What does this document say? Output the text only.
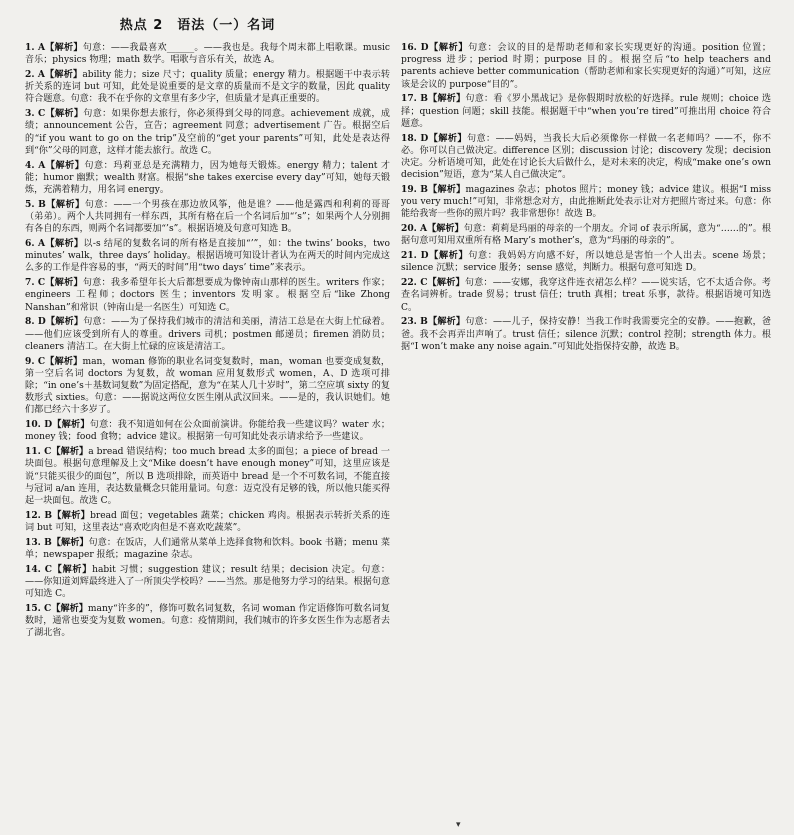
热点 2　语法（一）名词
1. A【解析】句意：——我最喜欢______。——我也是。我每个周末都上唱歌课。music 音乐；physics 物理；math 数学。唱歌与音乐有关，故选 A。
2. A【解析】ability 能力；size 尺寸；quality 质量；energy 精力。根据题干中表示转折关系的连词 but 可知，此处是说重要的是文章的质量而不是文字的数量，因此 quality 符合题意。句意：我不在乎你的文章里有多少字，但质量才是真正重要的。
3. C【解析】句意：如果你想去旅行，你必须得到父母的同意。achievement 成就，成绩；announcement 公告，宣告；agreement 同意；advertisement 广告。根据空后的“if you want to go on the trip”及空前的“get your parents”可知，此处是表达得到“你”父母的同意，这样才能去旅行。故选 C。
4. A【解析】句意：玛莉亚总是充满精力，因为她每天锻炼。energy 精力；talent 才能；humor 幽默；wealth 财富。根据“she takes exercise every day”可知，她每天锻炼，充满着精力，用名词 energy。
5. B【解析】句意：——一个男孩在那边放风筝，他是谁？——他是露西和利莉的哥哥（弟弟）。两个人共同拥有一样东西，其所有格在后一个名词后加“’s”；如果两个人分别拥有各自的东西，则两个名词都要加“’s”。根据语境及句意可知选 B。
6. A【解析】以-s 结尾的复数名词的所有格是直接加“’”，如：the twins’ books，two minutes’ walk，three days’ holiday。根据语境可知设计者认为在两天的时间内完成这么多的工作是件容易的事，“两天的时间”用“two days’ time”来表示。
7. C【解析】句意：我多希望年长大后都想要成为像钟南山那样的医生。writers 作家；engineers 工程师；doctors 医生；inventors 发明家。根据空后“like Zhong Nanshan”和常识（钟南山是一名医生）可知选 C。
8. D【解析】句意：——为了保持我们城市的清洁和美丽，清洁工总是在大街上忙碌着。——他们应该受到所有人的尊重。drivers 司机；postmen 邮递员；firemen 消防员；cleaners 清洁工。在大街上忙碌的应该是清洁工。
9. C【解析】man，woman 修饰的职业名词变复数时，man，woman 也要变成复数，第一空后名词 doctors 为复数，故 woman 应用复数形式 women，A、D 选项可排除；“in one’s＋基数词复数”为固定搭配，意为“在某人几十岁时”，第二空应填 sixty 的复数形式 sixties。句意：——据说这两位女医生刚从武汉回来。——是的，我认识她们。她们都已经六十多岁了。
10. D【解析】句意：我不知道如何在公众面前演讲。你能给我一些建议吗？water 水；money 钱；food 食物；advice 建议。根据第一句可知此处表示请求给予一些建议。
11. C【解析】a bread 错误结构；too much bread 太多的面包；a piece of bread 一块面包。根据句意理解及上文“Mike doesn’t have enough money”可知，这里应该是说“只能买很少的面包”，所以 B 选项排除，而英语中 bread 是一个不可数名词，不能直接与冠词 a/an 连用，表达数量概念只能用量词。句意：迈克没有足够的钱，所以他只能买得起一块面包。故选 C。
12. B【解析】bread 面包；vegetables 蔬菜；chicken 鸡肉。根据表示转折关系的连词 but 可知，这里表达“喜欢吃肉但是不喜欢吃蔬菜”。
13. B【解析】句意：在饭店，人们通常从菜单上选择食物和饮料。book 书籍；menu 菜单；newspaper 报纸；magazine 杂志。
14. C【解析】habit 习惯；suggestion 建议；result 结果；decision 决定。句意：——你知道刘辉最终进入了一所顶尖学校吗？——当然。那是他努力学习的结果。根据句意可知选 C。
15. C【解析】many“许多的”，修饰可数名词复数，名词 woman 作定语修饰可数名词复数时，通常也要变为复数 women。句意：疫情期间，我们城市的许多女医生作为志愿者去了湖北省。
16. D【解析】句意：会议的目的是帮助老师和家长实现更好的沟通。position 位置；progress 进步；period 时期；purpose 目的。根据空后“to help teachers and parents achieve better communication（帮助老师和家长实现更好的沟通）”可知，这应该是会议的 purpose“目的”。
17. B【解析】句意：看《罗小黑战记》是你假期时放松的好选择。rule 规则；choice 选择；question 问题；skill 技能。根据题干中“when you’re tired”可推出用 choice 符合题意。
18. D【解析】句意：——妈妈，当我长大后必须像你一样做一名老师吗？——不，你不必。你可以自己做决定。difference 区别；discussion 讨论；discovery 发现；decision 决定。分析语境可知，此处在讨论长大后做什么，是对未来的决定，构成“make one’s own decision”短语，意为“某人自己做决定”。
19. B【解析】magazines 杂志；photos 照片；money 钱；advice 建议。根据“I miss you very much!”可知，非常想念对方，由此推断此处表示让对方把照片寄过来。句意：你能给我寄一些你的照片吗？我非常想你！故选 B。
20. A【解析】句意：莉莉是玛丽的母亲的一个朋友。介词 of 表示所属，意为“……的”。根据句意可知用双重所有格 Mary’s mother’s，意为“玛丽的母亲的”。
21. D【解析】句意：我妈妈方向感不好，所以她总是害怕一个人出去。scene 场景；silence 沉默；service 服务；sense 感觉，判断力。根据句意可知选 D。
22. C【解析】句意：——安娜，我穿这件连衣裙怎么样？——说实话，它不太适合你。考查名词辨析。trade 贸易；trust 信任；truth 真相；treat 乐事，款待。根据语境可知选 C。
23. B【解析】句意：——儿子，保持安静！当我工作时我需要完全的安静。——抱歉，爸爸。我不会再弄出声响了。trust 信任；silence 沉默；control 控制；strength 体力。根据“I won’t make any noise again.”可知此处指保持安静，故选 B。
▾
